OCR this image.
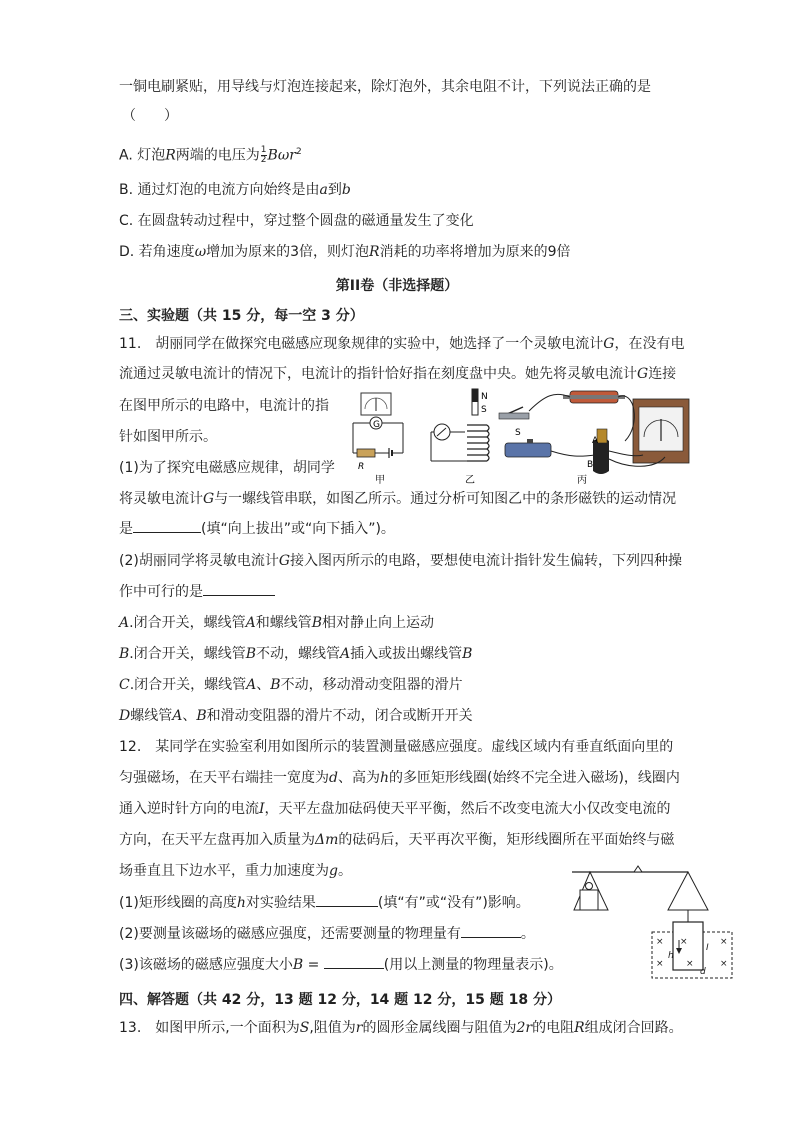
一铜电刷紧贴，用导线与灯泡连接起来，除灯泡外，其余电阻不计，下列说法正确的是
（　　）
A. 灯泡R两端的电压为 $\frac{1}{2} B\omega r^2$
B. 通过灯泡的电流方向始终是由a到b
C. 在圆盘转动过程中，穿过整个圆盘的磁通量发生了变化
D. 若角速度ω增加为原来的3倍，则灯泡R消耗的功率将增加为原来的9倍
第II卷（非选择题）
三、实验题（共 15 分，每一空 3 分）
11.　胡丽同学在做探究电磁感应现象规律的实验中，她选择了一个灵敏电流计G，在没有电
流通过灵敏电流计的情况下，电流计的指针恰好指在刻度盘中央。她先将灵敏电流计G连接
在图甲所示的电路中，电流计的指
针如图甲所示。
(1)为了探究电磁感应规律，胡同学
将灵敏电流计G与一螺线管串联，如图乙所示。通过分析可知图乙中的条形磁铁的运动情况
是	(填“向上拔出”或“向下插入”)。
(2)胡丽同学将灵敏电流计G接入图丙所示的电路，要想使电流计指针发生偏转，下列四种操
作中可行的是
A.闭合开关，螺线管A和螺线管B相对静止向上运动
B.闭合开关，螺线管B不动，螺线管A插入或拔出螺线管B
C.闭合开关，螺线管A、B不动，移动滑动变阻器的滑片
D螺线管A、B和滑动变阻器的滑片不动，闭合或断开开关
G
R
甲
N
S
乙
S
A
B
丙
12.　某同学在实验室利用如图所示的装置测量磁感应强度。虚线区域内有垂直纸面向里的
匀强磁场，在天平右端挂一宽度为d、高为h的多匝矩形线圈(始终不完全进入磁场)，线圈内
通入逆时针方向的电流I，天平左盘加砝码使天平平衡，然后不改变电流大小仅改变电流的
方向，在天平左盘再加入质量为Δm的砝码后，天平再次平衡，矩形线圈所在平面始终与磁
场垂直且下边水平，重力加速度为g。
(1)矩形线圈的高度h对实验结果	(填“有”或“没有”)影响。
(2)要测量该磁场的磁感应强度，还需要测量的物理量有	。
(3)该磁场的磁感应强度大小B =	(用以上测量的物理量表示)。
× ×	×
× ×	×
h
I
d
四、解答题（共 42 分，13 题 12 分，14 题 12 分，15 题 18 分）
13.　如图甲所示,一个面积为S,阻值为r的圆形金属线圈与阻值为2r的电阻R组成闭合回路。
